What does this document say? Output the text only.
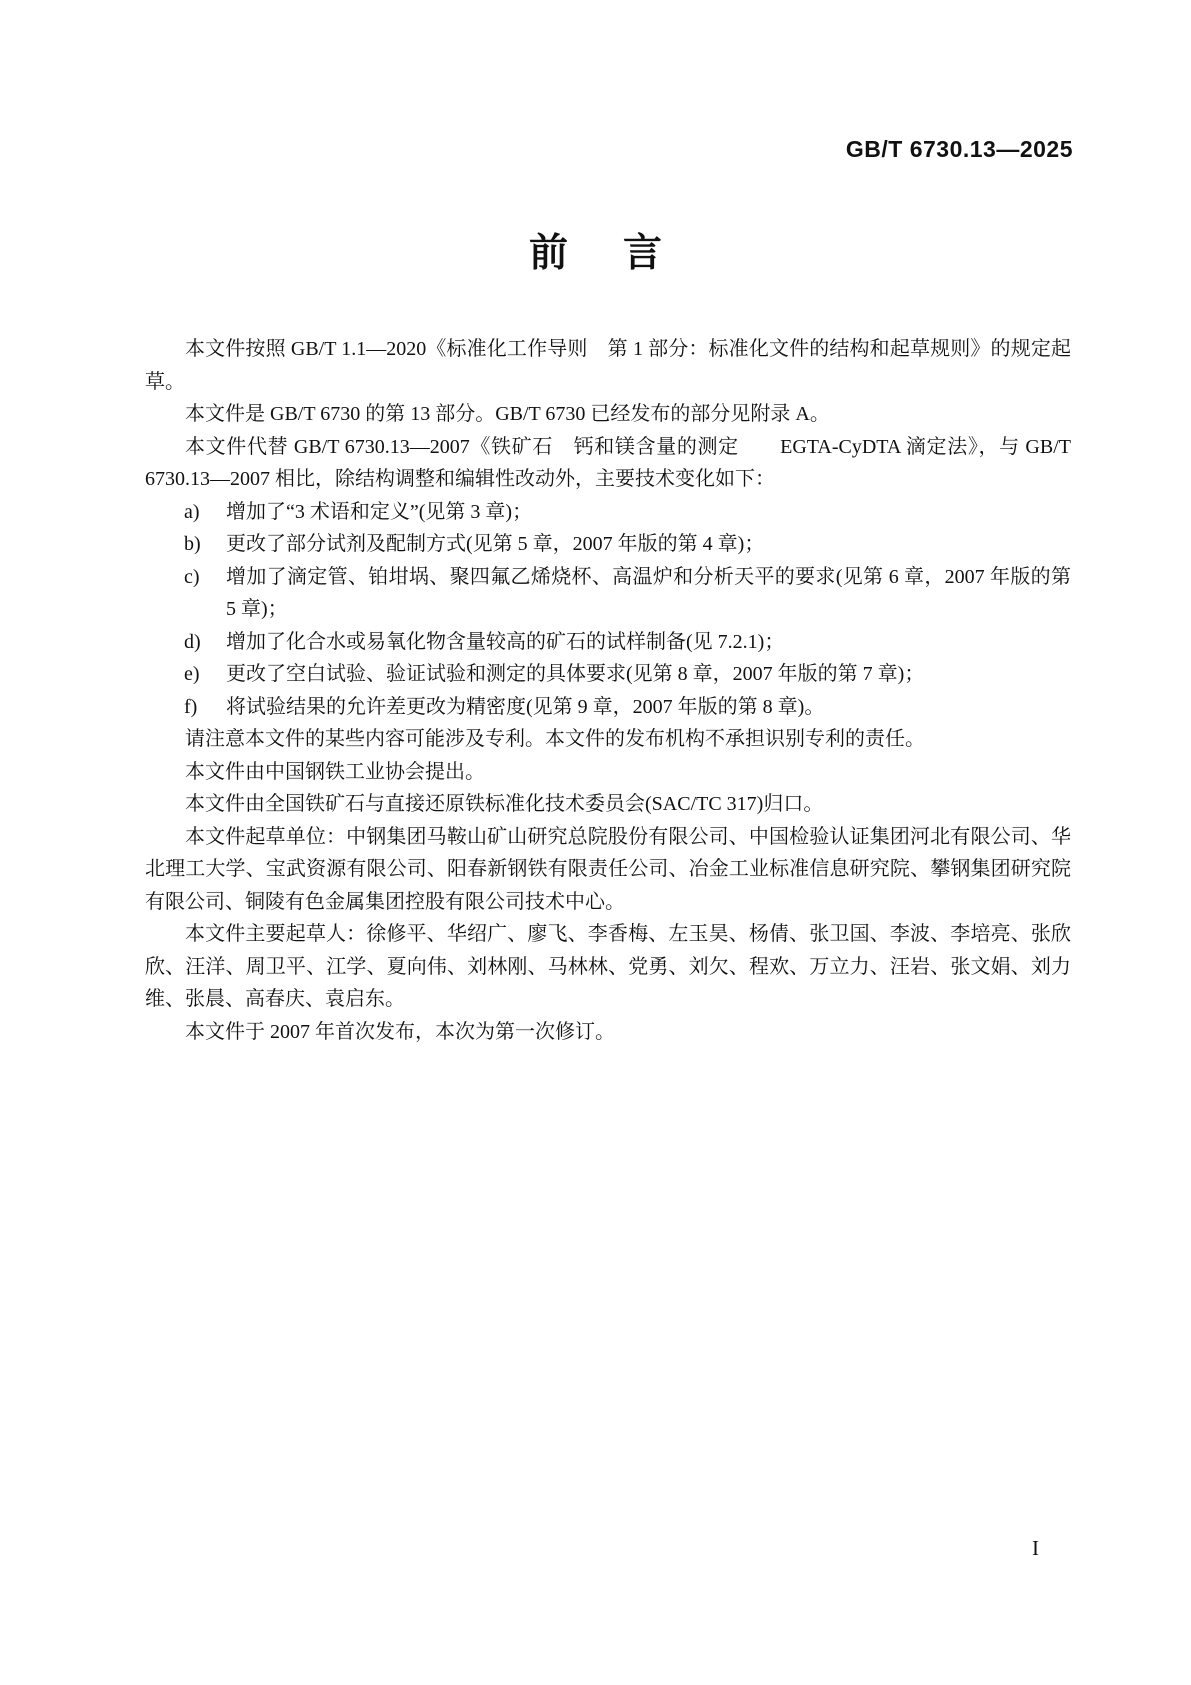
GB/T 6730.13—2025
前 言

本文件按照 GB/T 1.1—2020《标准化工作导则　第 1 部分：标准化文件的结构和起草规则》的规定起草。

本文件是 GB/T 6730 的第 13 部分。GB/T 6730 已经发布的部分见附录 A。

本文件代替 GB/T 6730.13—2007《铁矿石　钙和镁含量的测定　　EGTA-CyDTA 滴定法》，与 GB/T 6730.13—2007 相比，除结构调整和编辑性改动外，主要技术变化如下：

a) 增加了“3 术语和定义”(见第 3 章)；
b) 更改了部分试剂及配制方式(见第 5 章，2007 年版的第 4 章)；
c) 增加了滴定管、铂坩埚、聚四氟乙烯烧杯、高温炉和分析天平的要求(见第 6 章，2007 年版的第 5 章)；
d) 增加了化合水或易氧化物含量较高的矿石的试样制备(见 7.2.1)；
e) 更改了空白试验、验证试验和测定的具体要求(见第 8 章，2007 年版的第 7 章)；
f) 将试验结果的允许差更改为精密度(见第 9 章，2007 年版的第 8 章)。

请注意本文件的某些内容可能涉及专利。本文件的发布机构不承担识别专利的责任。

本文件由中国钢铁工业协会提出。

本文件由全国铁矿石与直接还原铁标准化技术委员会(SAC/TC 317)归口。

本文件起草单位：中钢集团马鞍山矿山研究总院股份有限公司、中国检验认证集团河北有限公司、华北理工大学、宝武资源有限公司、阳春新钢铁有限责任公司、冶金工业标准信息研究院、攀钢集团研究院有限公司、铜陵有色金属集团控股有限公司技术中心。

本文件主要起草人：徐修平、华绍广、廖飞、李香梅、左玉昊、杨倩、张卫国、李波、李培亮、张欣欣、汪洋、周卫平、江学、夏向伟、刘林刚、马林林、党勇、刘欠、程欢、万立力、汪岩、张文娟、刘力维、张晨、高春庆、袁启东。

本文件于 2007 年首次发布，本次为第一次修订。

I
